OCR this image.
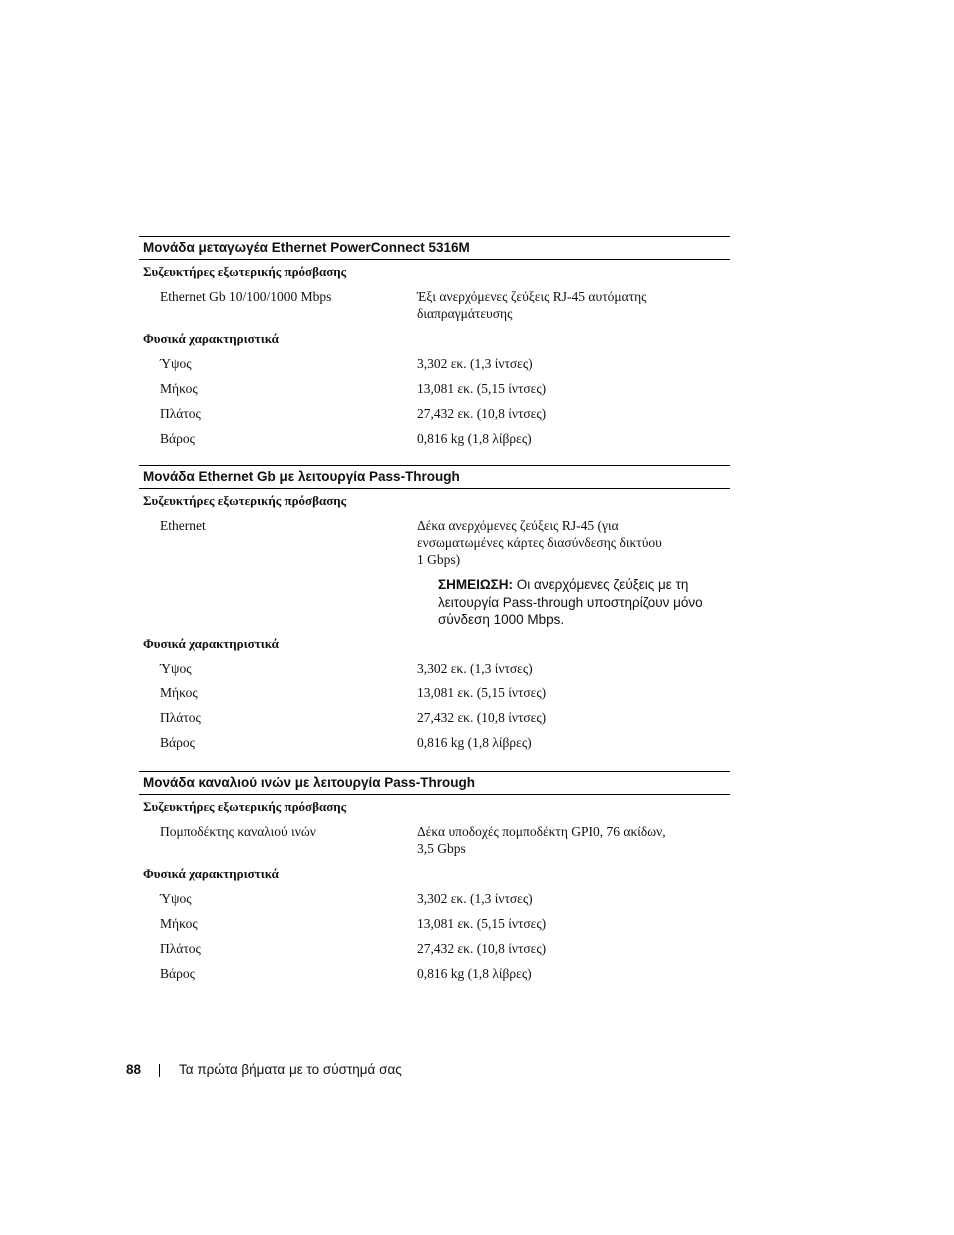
Μονάδα μεταγωγέα Ethernet PowerConnect 5316M
Συζευκτήρες εξωτερικής πρόσβασης
Ethernet Gb 10/100/1000 Mbps	Έξι ανερχόμενες ζεύξεις RJ-45 αυτόματης
διαπραγμάτευσης
Φυσικά χαρακτηριστικά
Ύψος	3,302 εκ. (1,3 ίντσες)
Μήκος	13,081 εκ. (5,15 ίντσες)
Πλάτος	27,432 εκ. (10,8 ίντσες)
Βάρος	0,816 kg (1,8 λίβρες)
Μονάδα Ethernet Gb με λειτουργία Pass-Through
Συζευκτήρες εξωτερικής πρόσβασης
Ethernet	Δέκα ανερχόμενες ζεύξεις RJ-45 (για
ενσωματωμένες κάρτες διασύνδεσης δικτύου
1 Gbps)
ΣΗΜΕΙΩΣΗ: Οι ανερχόμενες ζεύξεις με τη
λειτουργία Pass-through υποστηρίζουν μόνο
σύνδεση 1000 Mbps.
Φυσικά χαρακτηριστικά
Ύψος	3,302 εκ. (1,3 ίντσες)
Μήκος	13,081 εκ. (5,15 ίντσες)
Πλάτος	27,432 εκ. (10,8 ίντσες)
Βάρος	0,816 kg (1,8 λίβρες)
Μονάδα καναλιού ινών με λειτουργία Pass-Through
Συζευκτήρες εξωτερικής πρόσβασης
Πομποδέκτης καναλιού ινών	Δέκα υποδοχές πομποδέκτη GPI0, 76 ακίδων,
3,5 Gbps
Φυσικά χαρακτηριστικά
Ύψος	3,302 εκ. (1,3 ίντσες)
Μήκος	13,081 εκ. (5,15 ίντσες)
Πλάτος	27,432 εκ. (10,8 ίντσες)
Βάρος	0,816 kg (1,8 λίβρες)
88	Τα πρώτα βήματα με το σύστημά σας
